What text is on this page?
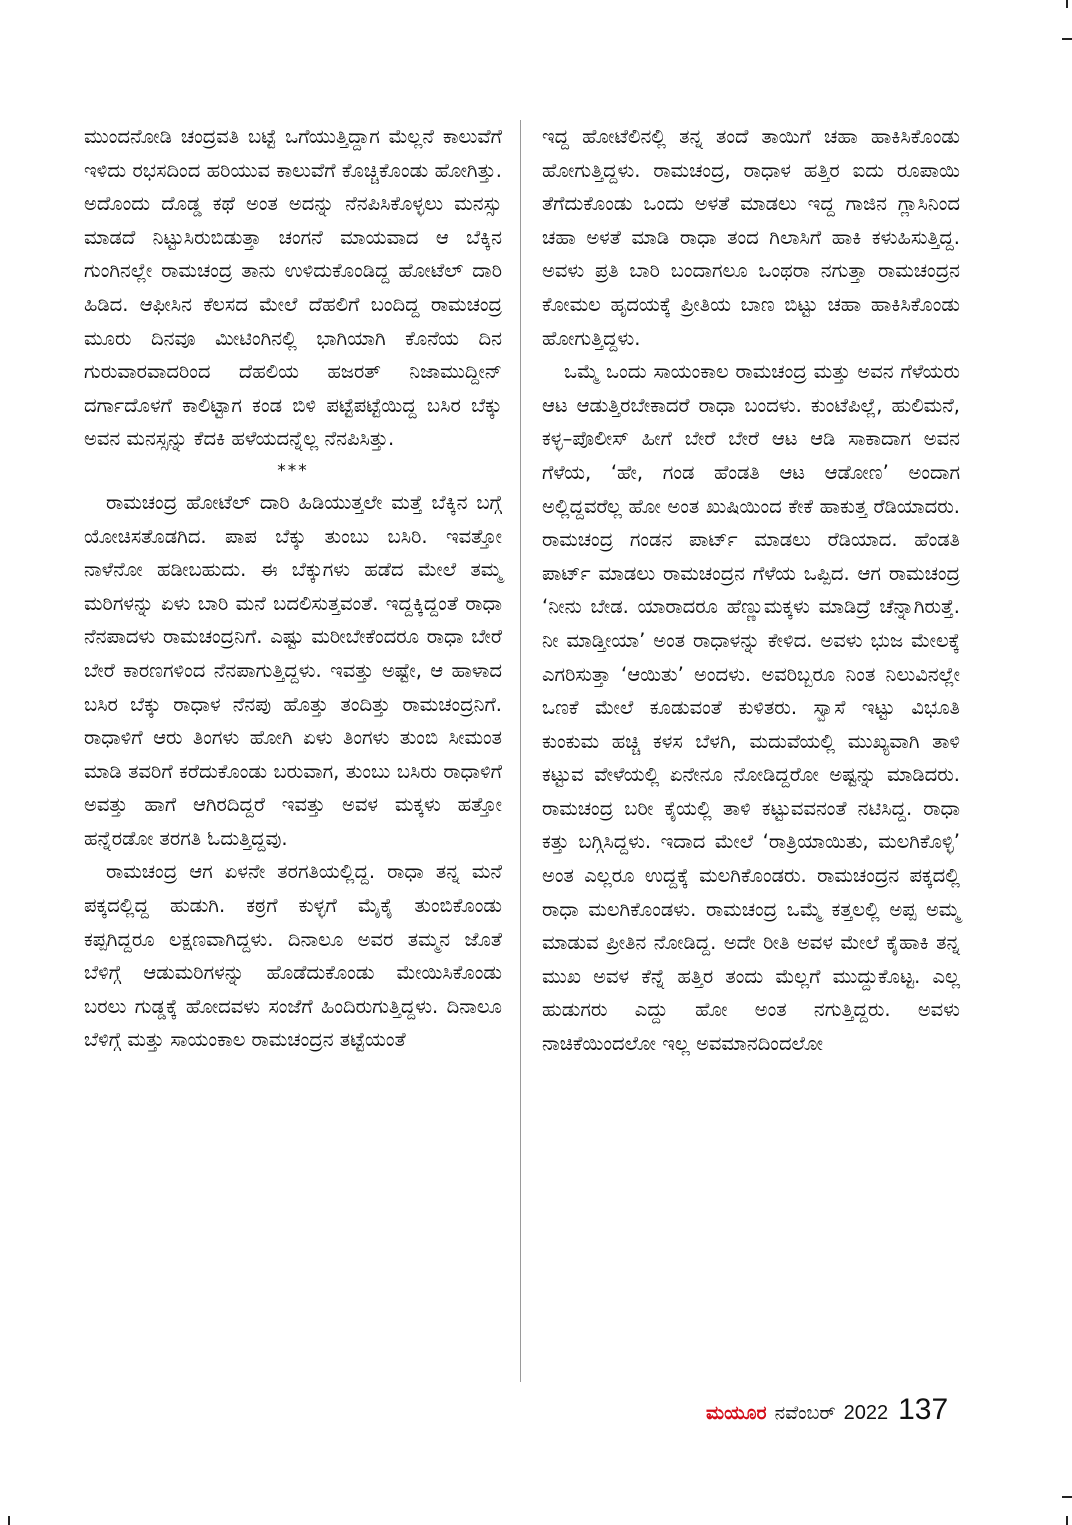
ಮುಂದನೋಡಿ ಚಂದ್ರವತಿ ಬಟ್ಟೆ ಒಗೆಯುತ್ತಿದ್ದಾಗ ಮೆಲ್ಲನೆ ಕಾಲುವೆಗೆ ಇಳಿದು ರಭಸದಿಂದ ಹರಿಯುವ ಕಾಲುವೆಗೆ ಕೊಚ್ಚಿಕೊಂಡು ಹೋಗಿತ್ತು. ಅದೊಂದು ದೊಡ್ಡ ಕಥೆ ಅಂತ ಅದನ್ನು ನೆನಪಿಸಿಕೊಳ್ಳಲು ಮನಸ್ಸು ಮಾಡದೆ ನಿಟ್ಟುಸಿರುಬಿಡುತ್ತಾ ಚಂಗನೆ ಮಾಯವಾದ ಆ ಬೆಕ್ಕಿನ ಗುಂಗಿನಲ್ಲೇ ರಾಮಚಂದ್ರ ತಾನು ಉಳಿದುಕೊಂಡಿದ್ದ ಹೋಟೆಲ್ ದಾರಿ ಹಿಡಿದ. ಆಫೀಸಿನ ಕೆಲಸದ ಮೇಲೆ ದೆಹಲಿಗೆ ಬಂದಿದ್ದ ರಾಮಚಂದ್ರ ಮೂರು ದಿನವೂ ಮೀಟಿಂಗಿನಲ್ಲಿ ಭಾಗಿಯಾಗಿ ಕೊನೆಯ ದಿನ ಗುರುವಾರವಾದರಿಂದ ದೆಹಲಿಯ ಹಜರತ್ ನಿಜಾಮುದ್ದೀನ್ ದರ್ಗಾದೊಳಗೆ ಕಾಲಿಟ್ಟಾಗ ಕಂಡ ಬಿಳಿ ಪಟ್ಟೆಪಟ್ಟೆಯಿದ್ದ ಬಸಿರ ಬೆಕ್ಕು ಅವನ ಮನಸ್ಸನ್ನು ಕೆದಕಿ ಹಳೆಯದನ್ನೆಲ್ಲ ನೆನಪಿಸಿತ್ತು.

***

ರಾಮಚಂದ್ರ ಹೋಟೆಲ್ ದಾರಿ ಹಿಡಿಯುತ್ತಲೇ ಮತ್ತೆ ಬೆಕ್ಕಿನ ಬಗ್ಗೆ ಯೋಚಿಸತೊಡಗಿದ. ಪಾಪ ಬೆಕ್ಕು ತುಂಬು ಬಸಿರಿ. ಇವತ್ತೋ ನಾಳೆನೋ ಹಡೀಬಹುದು. ಈ ಬೆಕ್ಕುಗಳು ಹಡೆದ ಮೇಲೆ ತಮ್ಮ ಮರಿಗಳನ್ನು ಏಳು ಬಾರಿ ಮನೆ ಬದಲಿಸುತ್ತವಂತೆ. ಇದ್ದಕ್ಕಿದ್ದಂತೆ ರಾಧಾ ನೆನಪಾದಳು ರಾಮಚಂದ್ರನಿಗೆ. ಎಷ್ಟು ಮರೀಬೇಕೆಂದರೂ ರಾಧಾ ಬೇರೆ ಬೇರೆ ಕಾರಣಗಳಿಂದ ನೆನಪಾಗುತ್ತಿದ್ದಳು. ಇವತ್ತು ಅಷ್ಟೇ, ಆ ಹಾಳಾದ ಬಸಿರ ಬೆಕ್ಕು ರಾಧಾಳ ನೆನಪು ಹೊತ್ತು ತಂದಿತ್ತು ರಾಮಚಂದ್ರನಿಗೆ. ರಾಧಾಳಿಗೆ ಆರು ತಿಂಗಳು ಹೋಗಿ ಏಳು ತಿಂಗಳು ತುಂಬಿ ಸೀಮಂತ ಮಾಡಿ ತವರಿಗೆ ಕರೆದುಕೊಂಡು ಬರುವಾಗ, ತುಂಬು ಬಸಿರು ರಾಧಾಳಿಗೆ ಅವತ್ತು ಹಾಗೆ ಆಗಿರದಿದ್ದರೆ ಇವತ್ತು ಅವಳ ಮಕ್ಕಳು ಹತ್ತೋ ಹನ್ನೆರಡೋ ತರಗತಿ ಓದುತ್ತಿದ್ದವು.

ರಾಮಚಂದ್ರ ಆಗ ಏಳನೇ ತರಗತಿಯಲ್ಲಿದ್ದ. ರಾಧಾ ತನ್ನ ಮನೆ ಪಕ್ಕದಲ್ಲಿದ್ದ ಹುಡುಗಿ. ಕಠ್ರಗೆ ಕುಳ್ಳಗೆ ಮೈಕೈ ತುಂಬಿಕೊಂಡು ಕಪ್ಪಗಿದ್ದರೂ ಲಕ್ಷಣವಾಗಿದ್ದಳು. ದಿನಾಲೂ ಅವರ ತಮ್ಮನ ಜೊತೆ ಬೆಳಿಗ್ಗೆ ಆಡುಮರಿಗಳನ್ನು ಹೊಡೆದುಕೊಂಡು ಮೇಯಿಸಿಕೊಂಡು ಬರಲು ಗುಡ್ಡಕ್ಕೆ ಹೋದವಳು ಸಂಜೆಗೆ ಹಿಂದಿರುಗುತ್ತಿದ್ದಳು. ದಿನಾಲೂ ಬೆಳಿಗ್ಗೆ ಮತ್ತು ಸಾಯಂಕಾಲ ರಾಮಚಂದ್ರನ ತಟ್ಟೆಯಂತೆ

ಇದ್ದ ಹೋಟೆಲಿನಲ್ಲಿ ತನ್ನ ತಂದೆ ತಾಯಿಗೆ ಚಹಾ ಹಾಕಿಸಿಕೊಂಡು ಹೋಗುತ್ತಿದ್ದಳು. ರಾಮಚಂದ್ರ, ರಾಧಾಳ ಹತ್ತಿರ ಐದು ರೂಪಾಯಿ ತೆಗೆದುಕೊಂಡು ಒಂದು ಅಳತೆ ಮಾಡಲು ಇದ್ದ ಗಾಜಿನ ಗ್ಲಾಸಿನಿಂದ ಚಹಾ ಅಳತೆ ಮಾಡಿ ರಾಧಾ ತಂದ ಗಿಲಾಸಿಗೆ ಹಾಕಿ ಕಳುಹಿಸುತ್ತಿದ್ದ. ಅವಳು ಪ್ರತಿ ಬಾರಿ ಬಂದಾಗಲೂ ಒಂಥರಾ ನಗುತ್ತಾ ರಾಮಚಂದ್ರನ ಕೋಮಲ ಹೃದಯಕ್ಕೆ ಪ್ರೀತಿಯ ಬಾಣ ಬಿಟ್ಟು ಚಹಾ ಹಾಕಿಸಿಕೊಂಡು ಹೋಗುತ್ತಿದ್ದಳು.

ಒಮ್ಮೆ ಒಂದು ಸಾಯಂಕಾಲ ರಾಮಚಂದ್ರ ಮತ್ತು ಅವನ ಗೆಳೆಯರು ಆಟ ಆಡುತ್ತಿರಬೇಕಾದರೆ ರಾಧಾ ಬಂದಳು. ಕುಂಟೆಪಿಲ್ಲೆ, ಹುಲಿಮನೆ, ಕಳ್ಳ–ಪೊಲೀಸ್ ಹೀಗೆ ಬೇರೆ ಬೇರೆ ಆಟ ಆಡಿ ಸಾಕಾದಾಗ ಅವನ ಗೆಳೆಯ, ‘ಹೇ, ಗಂಡ ಹೆಂಡತಿ ಆಟ ಆಡೋಣ’ ಅಂದಾಗ ಅಲ್ಲಿದ್ದವರೆಲ್ಲ ಹೋ ಅಂತ ಖುಷಿಯಿಂದ ಕೇಕೆ ಹಾಕುತ್ತ ರೆಡಿಯಾದರು. ರಾಮಚಂದ್ರ ಗಂಡನ ಪಾರ್ಟ್ ಮಾಡಲು ರೆಡಿಯಾದ. ಹೆಂಡತಿ ಪಾರ್ಟ್ ಮಾಡಲು ರಾಮಚಂದ್ರನ ಗೆಳೆಯ ಒಪ್ಪಿದ. ಆಗ ರಾಮಚಂದ್ರ ‘ನೀನು ಬೇಡ. ಯಾರಾದರೂ ಹೆಣ್ಣುಮಕ್ಕಳು ಮಾಡಿದ್ರೆ ಚೆನ್ನಾಗಿರುತ್ತೆ. ನೀ ಮಾಡ್ತೀಯಾ’ ಅಂತ ರಾಧಾಳನ್ನು ಕೇಳಿದ. ಅವಳು ಭುಜ ಮೇಲಕ್ಕೆ ಎಗರಿಸುತ್ತಾ ‘ಆಯಿತು’ ಅಂದಳು. ಅವರಿಬ್ಬರೂ ನಿಂತ ನಿಲುವಿನಲ್ಲೇ ಒಣಕೆ ಮೇಲೆ ಕೂಡುವಂತೆ ಕುಳಿತರು. ಸ್ವಾಸೆ ಇಟ್ಟು ವಿಭೂತಿ ಕುಂಕುಮ ಹಚ್ಚಿ ಕಳಸ ಬೆಳಗಿ, ಮದುವೆಯಲ್ಲಿ ಮುಖ್ಯವಾಗಿ ತಾಳಿ ಕಟ್ಟುವ ವೇಳೆಯಲ್ಲಿ ಏನೇನೂ ನೋಡಿದ್ದರೋ ಅಷ್ಟನ್ನು ಮಾಡಿದರು. ರಾಮಚಂದ್ರ ಬರೀ ಕೈಯಲ್ಲಿ ತಾಳಿ ಕಟ್ಟುವವನಂತೆ ನಟಿಸಿದ್ದ. ರಾಧಾ ಕತ್ತು ಬಗ್ಗಿಸಿದ್ದಳು. ಇದಾದ ಮೇಲೆ ‘ರಾತ್ರಿಯಾಯಿತು, ಮಲಗಿಕೊಳ್ಳಿ’ ಅಂತ ಎಲ್ಲರೂ ಉದ್ದಕ್ಕೆ ಮಲಗಿಕೊಂಡರು. ರಾಮಚಂದ್ರನ ಪಕ್ಕದಲ್ಲಿ ರಾಧಾ ಮಲಗಿಕೊಂಡಳು. ರಾಮಚಂದ್ರ ಒಮ್ಮೆ ಕತ್ತಲಲ್ಲಿ ಅಪ್ಪ ಅಮ್ಮ ಮಾಡುವ ಪ್ರೀತಿನ ನೋಡಿದ್ದ. ಅದೇ ರೀತಿ ಅವಳ ಮೇಲೆ ಕೈಹಾಕಿ ತನ್ನ ಮುಖ ಅವಳ ಕೆನ್ನೆ ಹತ್ತಿರ ತಂದು ಮೆಲ್ಲಗೆ ಮುದ್ದುಕೊಟ್ಟ. ಎಲ್ಲ ಹುಡುಗರು ಎದ್ದು ಹೋ ಅಂತ ನಗುತ್ತಿದ್ದರು. ಅವಳು ನಾಚಿಕೆಯಿಂದಲೋ ಇಲ್ಲ ಅವಮಾನದಿಂದಲೋ

ಮಯೂರ ನವೆಂಬರ್ 2022 137
